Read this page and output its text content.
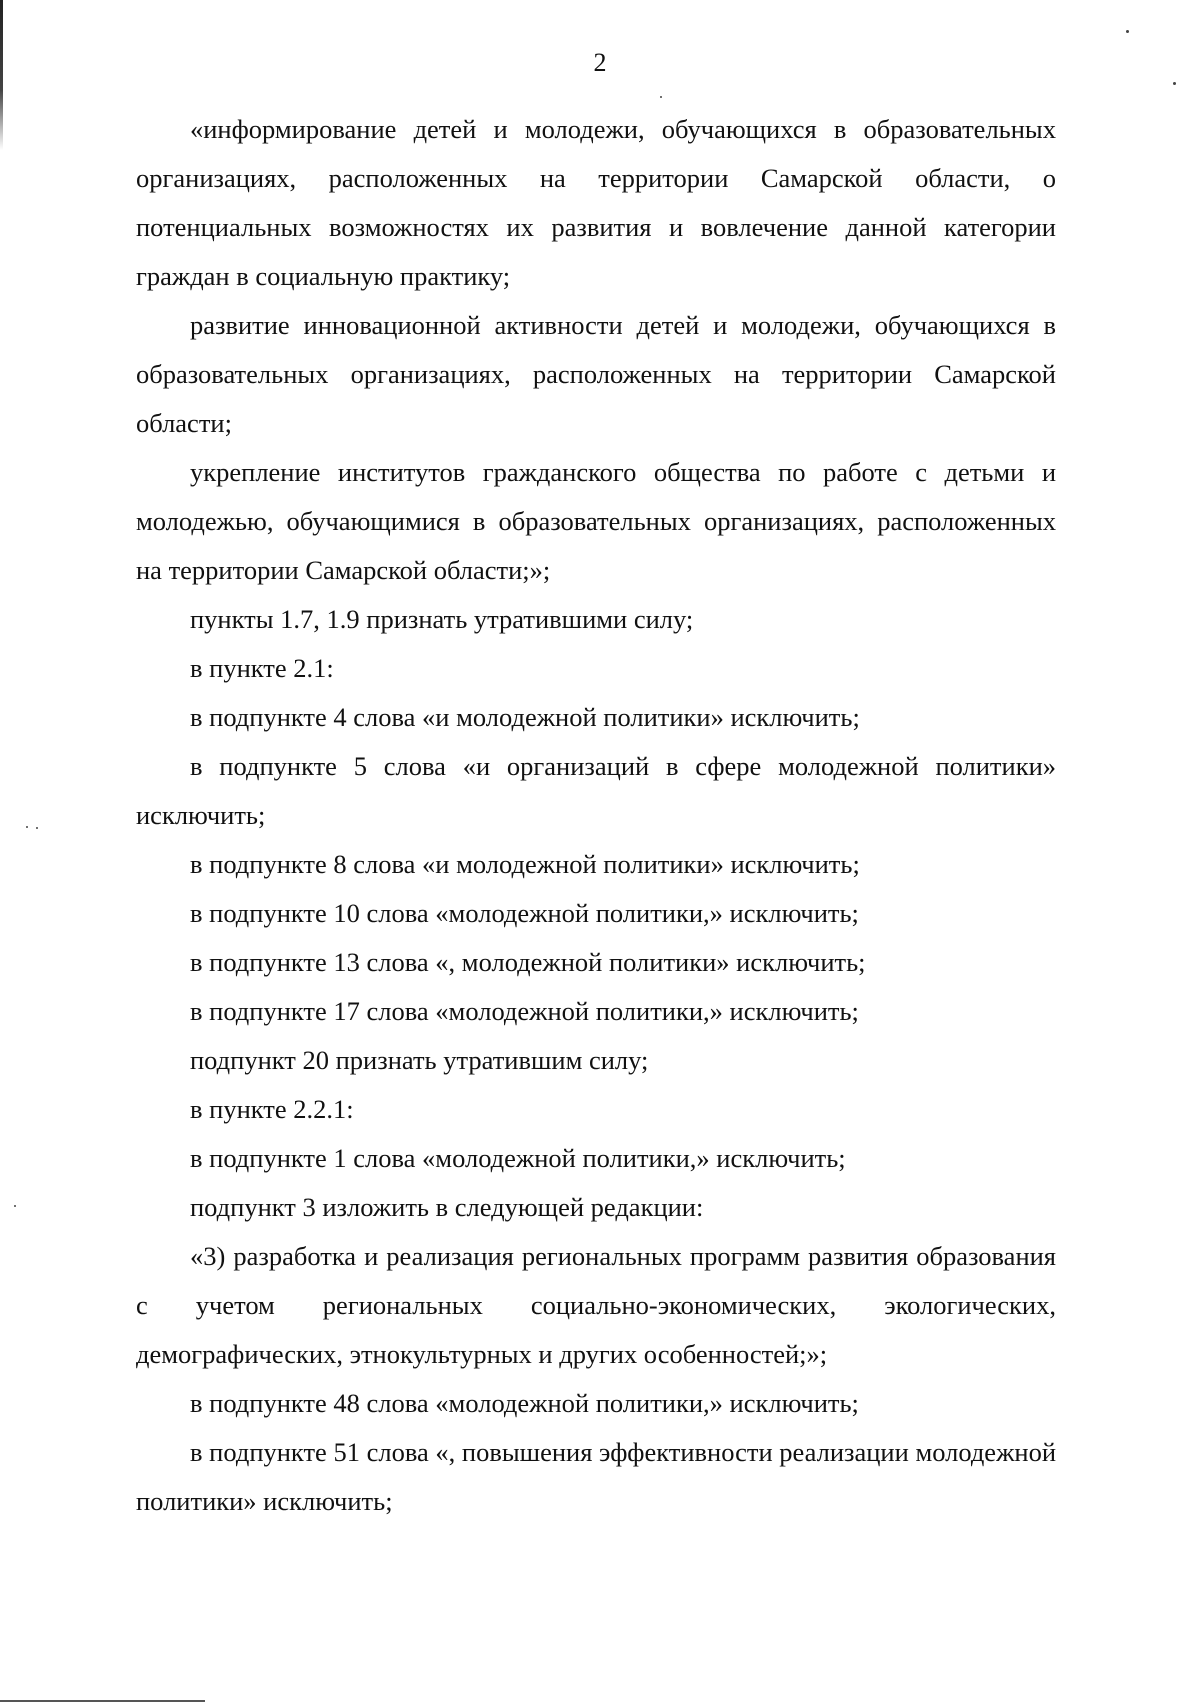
2

«информирование детей и молодежи, обучающихся в образовательных организациях, расположенных на территории Самарской области, о потенциальных возможностях их развития и вовлечение данной категории граждан в социальную практику;

развитие инновационной активности детей и молодежи, обучающихся в образовательных организациях, расположенных на территории Самарской области;

укрепление институтов гражданского общества по работе с детьми и молодежью, обучающимися в образовательных организациях, расположенных на территории Самарской области;»;

пункты 1.7, 1.9 признать утратившими силу;

в пункте 2.1:

в подпункте 4 слова «и молодежной политики» исключить;

в подпункте 5 слова «и организаций в сфере молодежной политики» исключить;

в подпункте 8 слова «и молодежной политики» исключить;

в подпункте 10 слова «молодежной политики,» исключить;

в подпункте 13 слова «, молодежной политики» исключить;

в подпункте 17 слова «молодежной политики,» исключить;

подпункт 20 признать утратившим силу;

в пункте 2.2.1:

в подпункте 1 слова «молодежной политики,» исключить;

подпункт 3 изложить в следующей редакции:

«3) разработка и реализация региональных программ развития образования с учетом региональных социально-экономических, экологических, демографических, этнокультурных и других особенностей;»;

в подпункте 48 слова «молодежной политики,» исключить;

в подпункте 51 слова «, повышения эффективности реализации молодежной политики» исключить;
